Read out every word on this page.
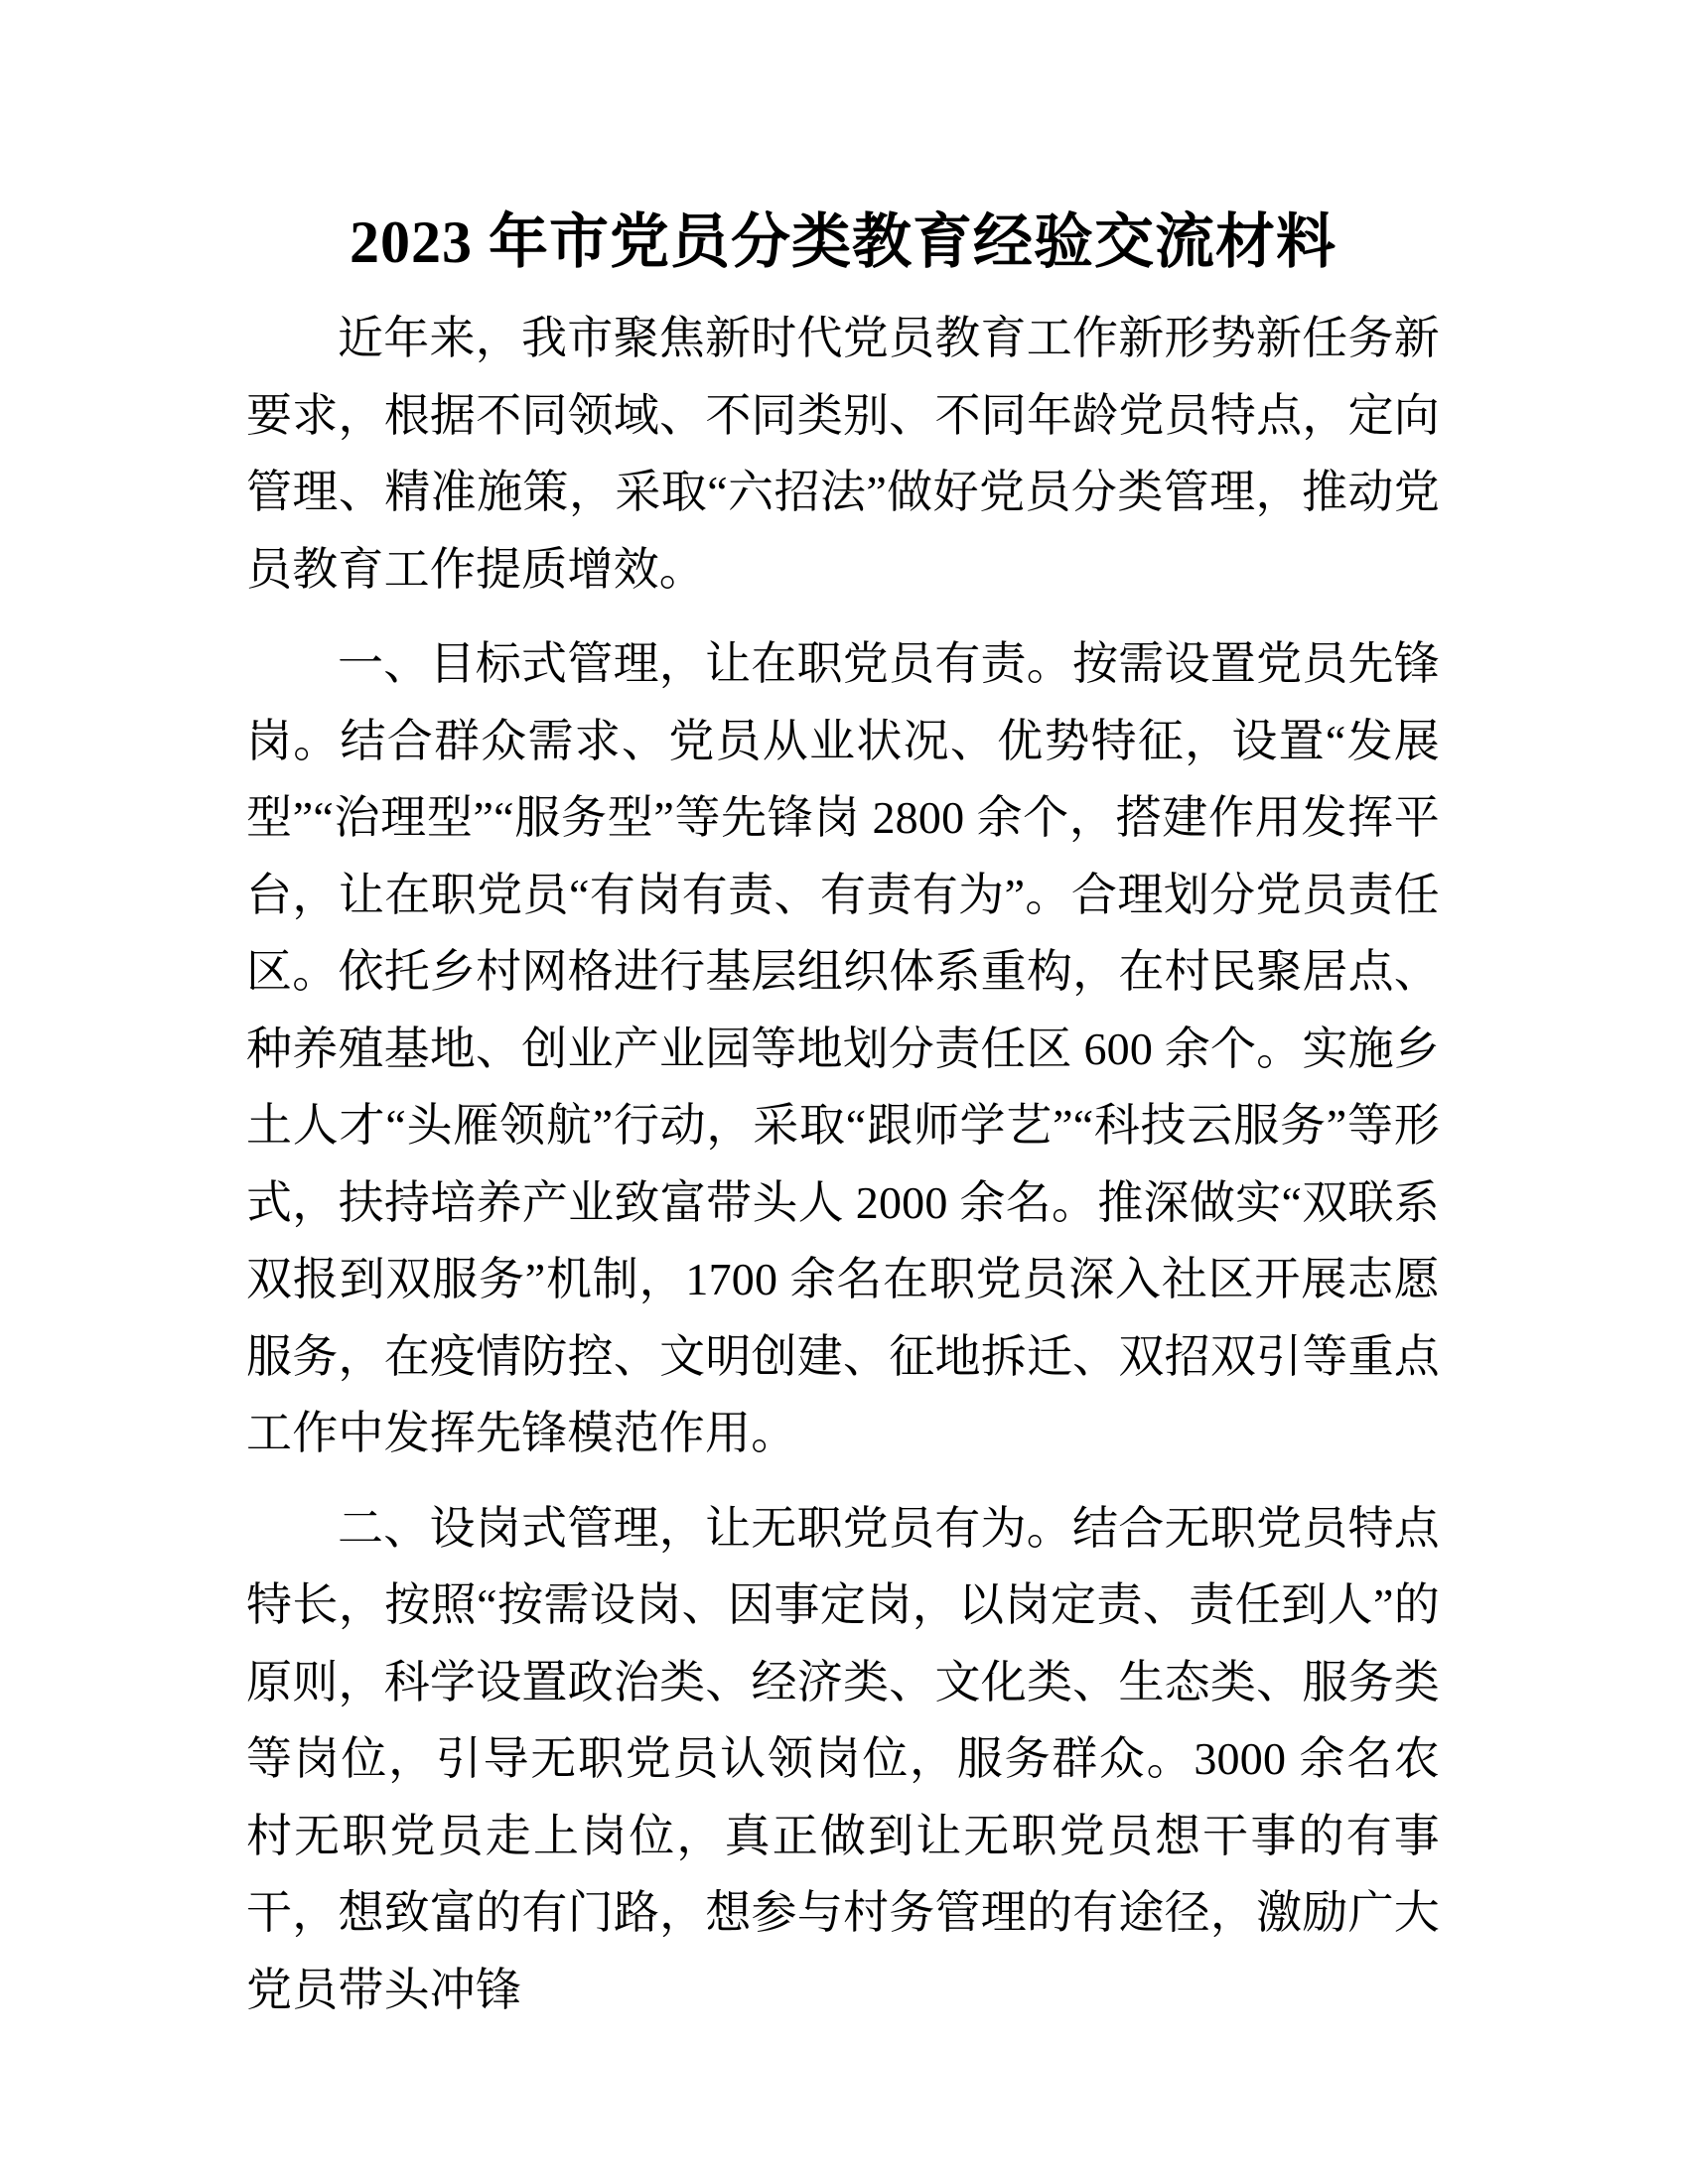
2023 年市党员分类教育经验交流材料

近年来，我市聚焦新时代党员教育工作新形势新任务新要求，根据不同领域、不同类别、不同年龄党员特点，定向管理、精准施策，采取“六招法”做好党员分类管理，推动党员教育工作提质增效。

一、目标式管理，让在职党员有责。按需设置党员先锋岗。结合群众需求、党员从业状况、优势特征，设置“发展型”“治理型”“服务型”等先锋岗 2800 余个，搭建作用发挥平台，让在职党员“有岗有责、有责有为”。合理划分党员责任区。依托乡村网格进行基层组织体系重构，在村民聚居点、种养殖基地、创业产业园等地划分责任区 600 余个。实施乡土人才“头雁领航”行动，采取“跟师学艺”“科技云服务”等形式，扶持培养产业致富带头人 2000 余名。推深做实“双联系双报到双服务”机制，1700 余名在职党员深入社区开展志愿服务，在疫情防控、文明创建、征地拆迁、双招双引等重点工作中发挥先锋模范作用。

二、设岗式管理，让无职党员有为。结合无职党员特点特长，按照“按需设岗、因事定岗，以岗定责、责任到人”的原则，科学设置政治类、经济类、文化类、生态类、服务类等岗位，引导无职党员认领岗位，服务群众。3000 余名农村无职党员走上岗位，真正做到让无职党员想干事的有事干，想致富的有门路，想参与村务管理的有途径，激励广大党员带头冲锋
